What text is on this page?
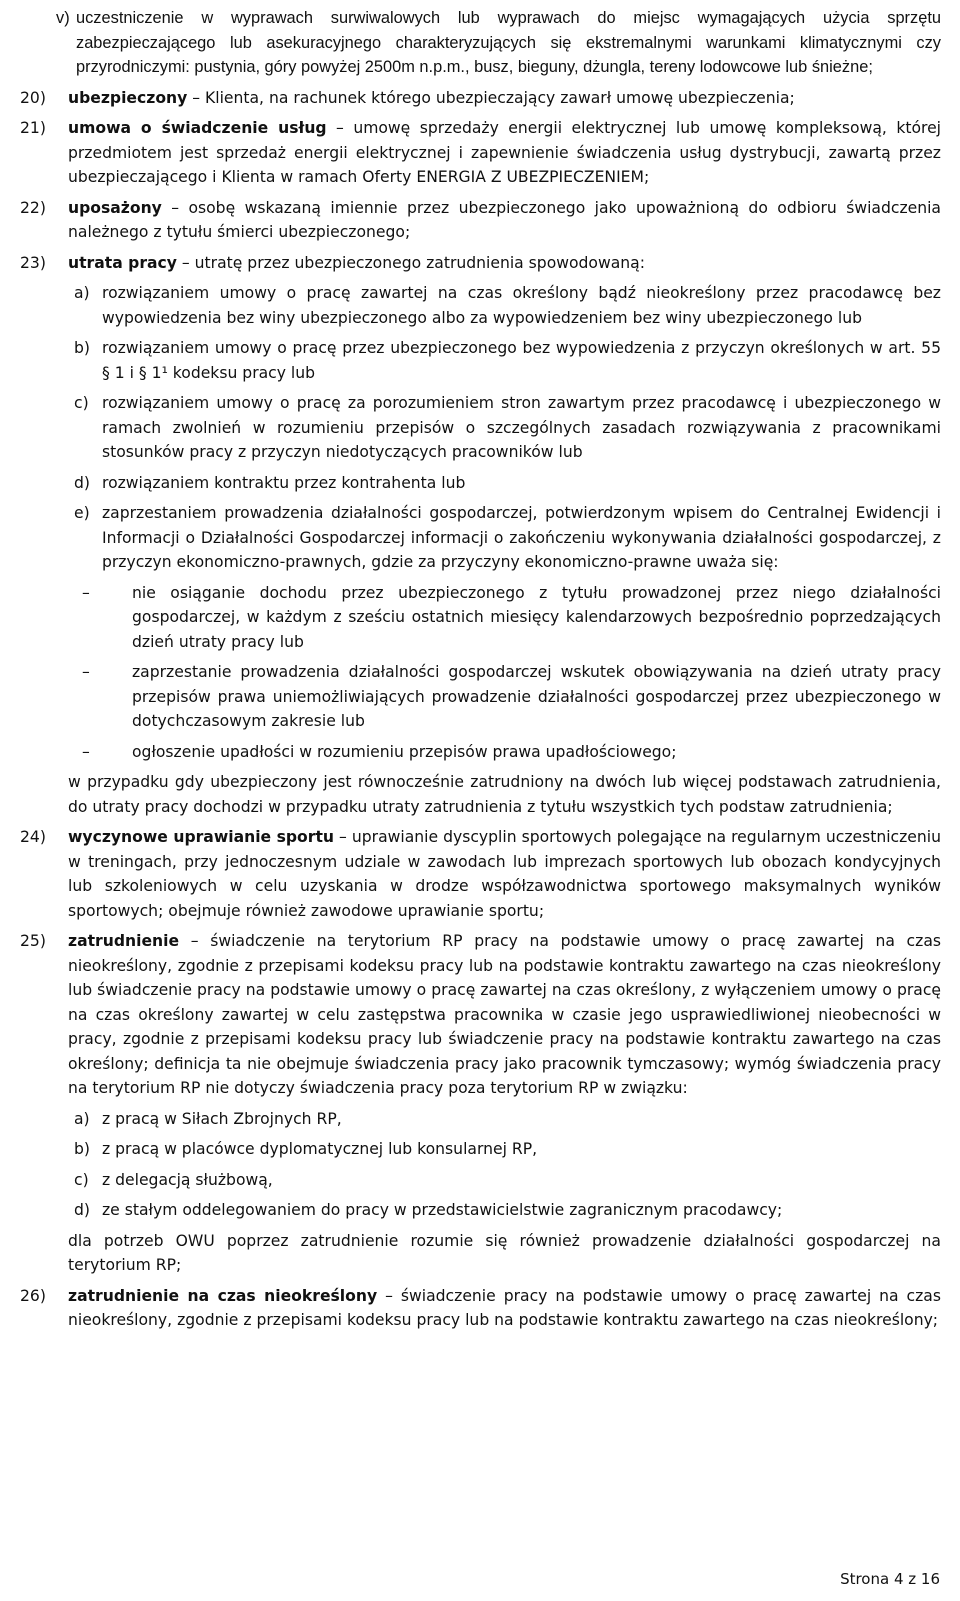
v) uczestniczenie w wyprawach surwiwalowych lub wyprawach do miejsc wymagających użycia sprzętu zabezpieczającego lub asekuracyjnego charakteryzujących się ekstremalnymi warunkami klimatycznymi czy przyrodniczymi: pustynia, góry powyżej 2500m n.p.m., busz, bieguny, dżungla, tereny lodowcowe lub śnieżne;

20) ubezpieczony – Klienta, na rachunek którego ubezpieczający zawarł umowę ubezpieczenia;

21) umowa o świadczenie usług – umowę sprzedaży energii elektrycznej lub umowę kompleksową, której przedmiotem jest sprzedaż energii elektrycznej i zapewnienie świadczenia usług dystrybucji, zawartą przez ubezpieczającego i Klienta w ramach Oferty ENERGIA Z UBEZPIECZENIEM;

22) uposażony – osobę wskazaną imiennie przez ubezpieczonego jako upoważnioną do odbioru świadczenia należnego z tytułu śmierci ubezpieczonego;

23) utrata pracy – utratę przez ubezpieczonego zatrudnienia spowodowaną:

a) rozwiązaniem umowy o pracę zawartej na czas określony bądź nieokreślony przez pracodawcę bez wypowiedzenia bez winy ubezpieczonego albo za wypowiedzeniem bez winy ubezpieczonego lub

b) rozwiązaniem umowy o pracę przez ubezpieczonego bez wypowiedzenia z przyczyn określonych w art. 55 § 1 i § 1¹ kodeksu pracy lub

c) rozwiązaniem umowy o pracę za porozumieniem stron zawartym przez pracodawcę i ubezpieczonego w ramach zwolnień w rozumieniu przepisów o szczególnych zasadach rozwiązywania z pracownikami stosunków pracy z przyczyn niedotyczących pracowników lub

d) rozwiązaniem kontraktu przez kontrahenta lub

e) zaprzestaniem prowadzenia działalności gospodarczej, potwierdzonym wpisem do Centralnej Ewidencji i Informacji o Działalności Gospodarczej informacji o zakończeniu wykonywania działalności gospodarczej, z przyczyn ekonomiczno-prawnych, gdzie za przyczyny ekonomiczno-prawne uważa się:

–	nie osiąganie dochodu przez ubezpieczonego z tytułu prowadzonej przez niego działalności gospodarczej, w każdym z sześciu ostatnich miesięcy kalendarzowych bezpośrednio poprzedzających dzień utraty pracy lub

–	zaprzestanie prowadzenia działalności gospodarczej wskutek obowiązywania na dzień utraty pracy przepisów prawa uniemożliwiających prowadzenie działalności gospodarczej przez ubezpieczonego w dotychczasowym zakresie lub

–	ogłoszenie upadłości w rozumieniu przepisów prawa upadłościowego;

w przypadku gdy ubezpieczony jest równocześnie zatrudniony na dwóch lub więcej podstawach zatrudnienia, do utraty pracy dochodzi w przypadku utraty zatrudnienia z tytułu wszystkich tych podstaw zatrudnienia;

24) wyczynowe uprawianie sportu – uprawianie dyscyplin sportowych polegające na regularnym uczestniczeniu w treningach, przy jednoczesnym udziale w zawodach lub imprezach sportowych lub obozach kondycyjnych lub szkoleniowych w celu uzyskania w drodze współzawodnictwa sportowego maksymalnych wyników sportowych; obejmuje również zawodowe uprawianie sportu;

25) zatrudnienie – świadczenie na terytorium RP pracy na podstawie umowy o pracę zawartej na czas nieokreślony, zgodnie z przepisami kodeksu pracy lub na podstawie kontraktu zawartego na czas nieokreślony lub świadczenie pracy na podstawie umowy o pracę zawartej na czas określony, z wyłączeniem umowy o pracę na czas określony zawartej w celu zastępstwa pracownika w czasie jego usprawiedliwionej nieobecności w pracy, zgodnie z przepisami kodeksu pracy lub świadczenie pracy na podstawie kontraktu zawartego na czas określony; definicja ta nie obejmuje świadczenia pracy jako pracownik tymczasowy; wymóg świadczenia pracy na terytorium RP nie dotyczy świadczenia pracy poza terytorium RP w związku:

a) z pracą w Siłach Zbrojnych RP,

b) z pracą w placówce dyplomatycznej lub konsularnej RP,

c) z delegacją służbową,

d) ze stałym oddelegowaniem do pracy w przedstawicielstwie zagranicznym pracodawcy;

dla potrzeb OWU poprzez zatrudnienie rozumie się również prowadzenie działalności gospodarczej na terytorium RP;

26) zatrudnienie na czas nieokreślony – świadczenie pracy na podstawie umowy o pracę zawartej na czas nieokreślony, zgodnie z przepisami kodeksu pracy lub na podstawie kontraktu zawartego na czas nieokreślony;

Strona 4 z 16
